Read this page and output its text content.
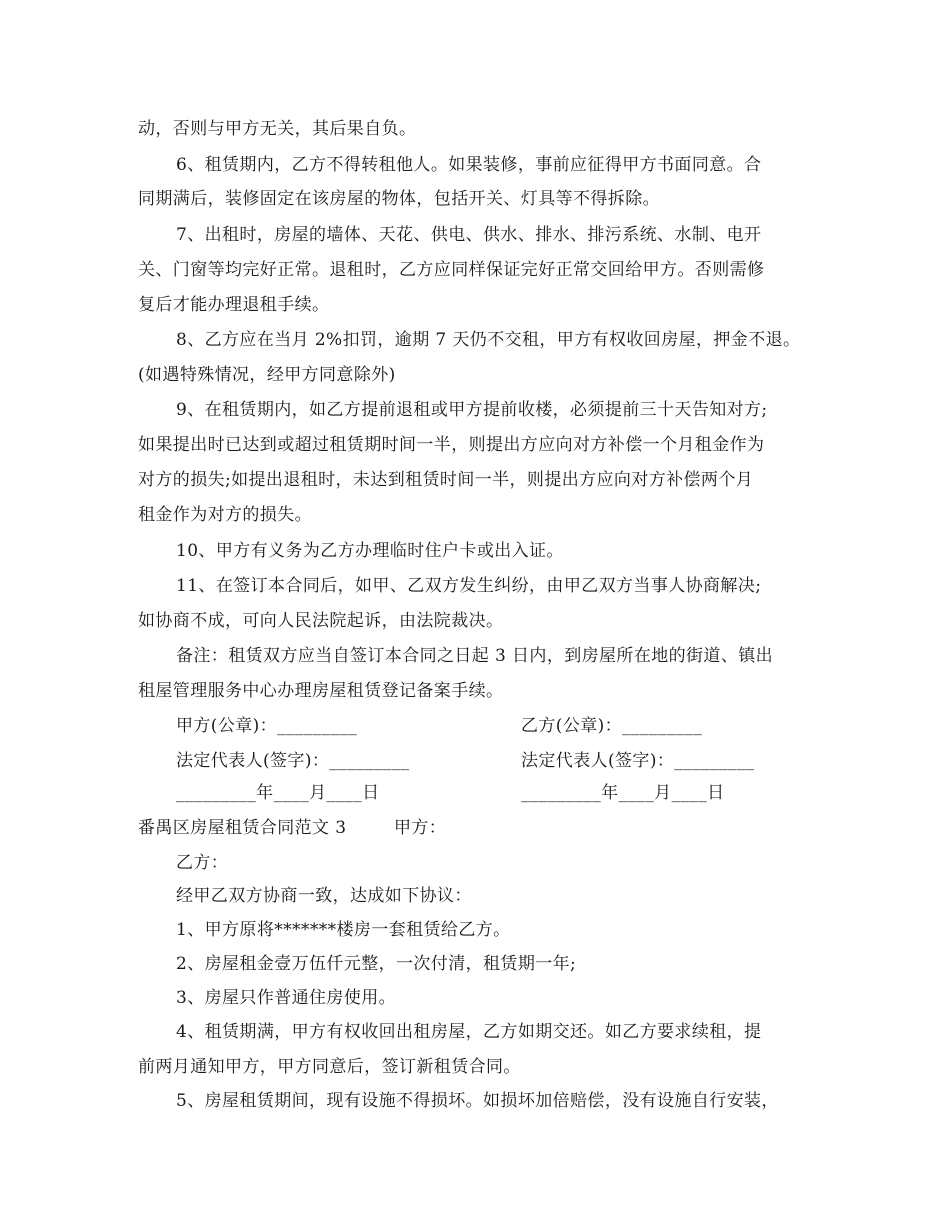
动，否则与甲方无关，其后果自负。
6、租赁期内，乙方不得转租他人。如果装修，事前应征得甲方书面同意。合
同期满后，装修固定在该房屋的物体，包括开关、灯具等不得拆除。
7、出租时，房屋的墙体、天花、供电、供水、排水、排污系统、水制、电开
关、门窗等均完好正常。退租时，乙方应同样保证完好正常交回给甲方。否则需修
复后才能办理退租手续。
8、乙方应在当月 2%扣罚，逾期 7 天仍不交租，甲方有权收回房屋，押金不退。
(如遇特殊情况，经甲方同意除外)
9、在租赁期内，如乙方提前退租或甲方提前收楼，必须提前三十天告知对方;
如果提出时已达到或超过租赁期时间一半，则提出方应向对方补偿一个月租金作为
对方的损失;如提出退租时，未达到租赁时间一半，则提出方应向对方补偿两个月
租金作为对方的损失。
10、甲方有义务为乙方办理临时住户卡或出入证。
11、在签订本合同后，如甲、乙双方发生纠纷，由甲乙双方当事人协商解决;
如协商不成，可向人民法院起诉，由法院裁决。
备注：租赁双方应当自签订本合同之日起 3 日内，到房屋所在地的街道、镇出
租屋管理服务中心办理房屋租赁登记备案手续。
甲方(公章)：_________	乙方(公章)：_________
法定代表人(签字)：_________	法定代表人(签字)：_________
_________年____月____日	_________年____月____日
番禺区房屋租赁合同范文 3	甲方：
乙方：
经甲乙双方协商一致，达成如下协议：
1、甲方原将*******楼房一套租赁给乙方。
2、房屋租金壹万伍仟元整，一次付清，租赁期一年;
3、房屋只作普通住房使用。
4、租赁期满，甲方有权收回出租房屋，乙方如期交还。如乙方要求续租，提
前两月通知甲方，甲方同意后，签订新租赁合同。
5、房屋租赁期间，现有设施不得损坏。如损坏加倍赔偿，没有设施自行安装，
